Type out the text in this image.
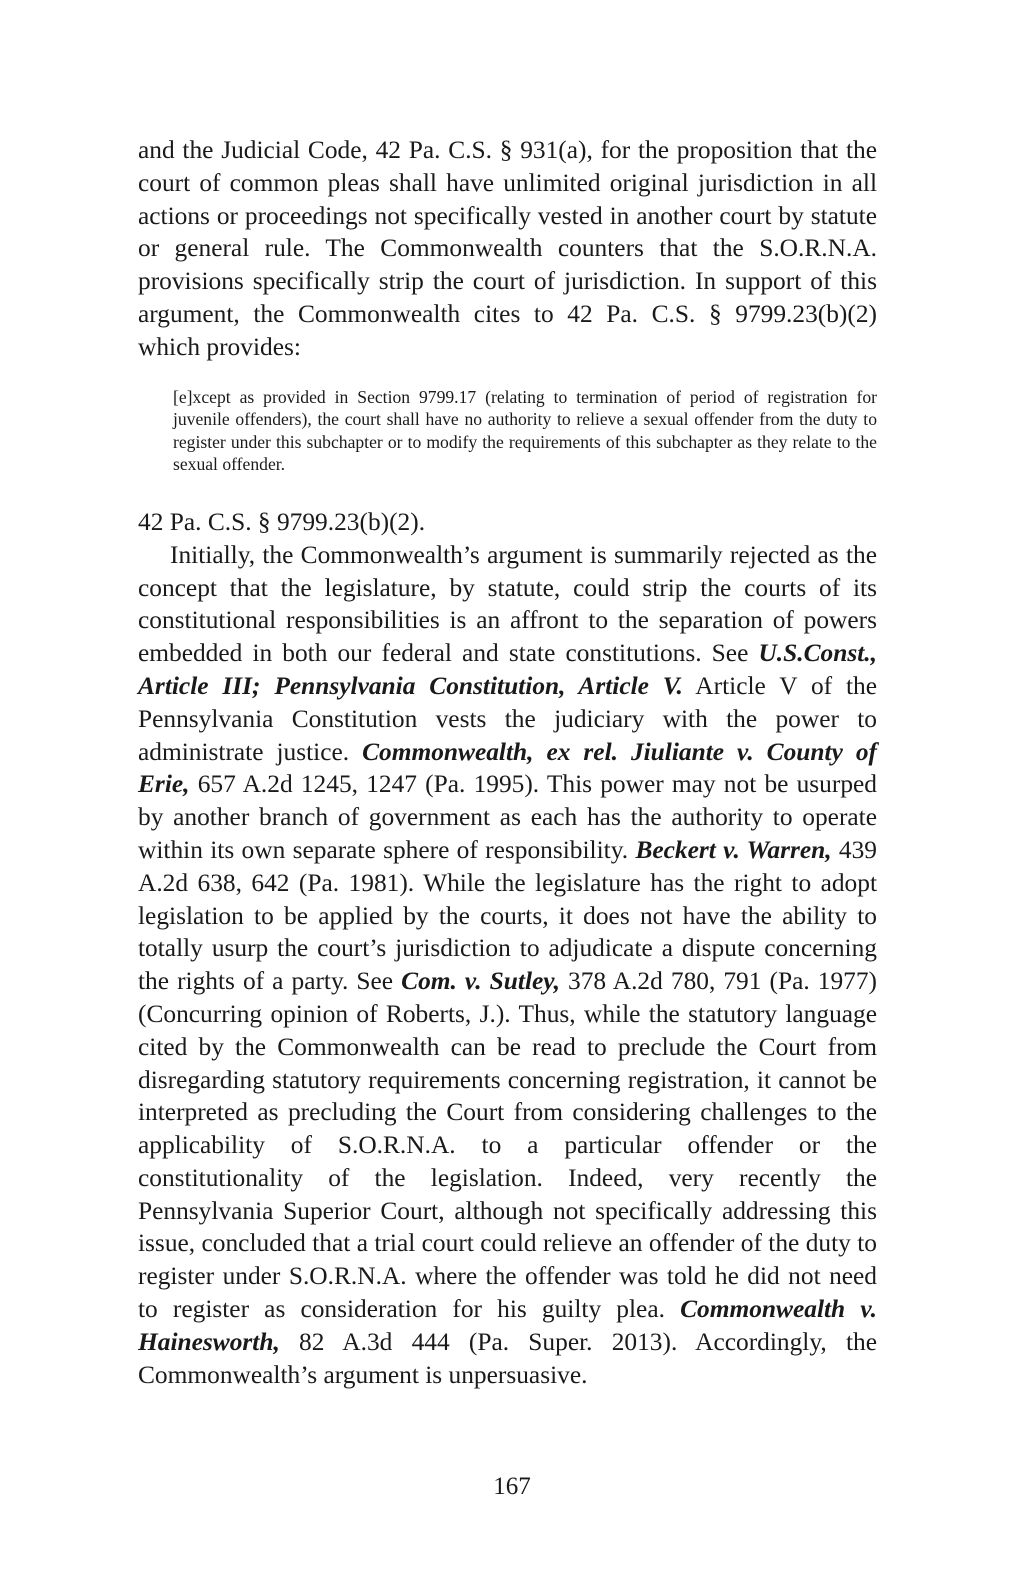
and the Judicial Code, 42 Pa. C.S. § 931(a), for the proposition that the court of common pleas shall have unlimited original jurisdiction in all actions or proceedings not specifically vested in another court by statute or general rule. The Commonwealth counters that the S.O.R.N.A. provisions specifically strip the court of jurisdiction. In support of this argument, the Commonwealth cites to 42 Pa. C.S. § 9799.23(b)(2) which provides:

[e]xcept as provided in Section 9799.17 (relating to termination of period of registration for juvenile offenders), the court shall have no authority to relieve a sexual offender from the duty to register under this subchapter or to modify the requirements of this subchapter as they relate to the sexual offender.

42 Pa. C.S. § 9799.23(b)(2).

Initially, the Commonwealth’s argument is summarily rejected as the concept that the legislature, by statute, could strip the courts of its constitutional responsibilities is an affront to the separation of powers embedded in both our federal and state constitutions. See U.S.Const., Article III; Pennsylvania Constitution, Article V. Article V of the Pennsylvania Constitution vests the judiciary with the power to administrate justice. Commonwealth, ex rel. Jiuliante v. County of Erie, 657 A.2d 1245, 1247 (Pa. 1995). This power may not be usurped by another branch of government as each has the authority to operate within its own separate sphere of responsibility. Beckert v. Warren, 439 A.2d 638, 642 (Pa. 1981). While the legislature has the right to adopt legislation to be applied by the courts, it does not have the ability to totally usurp the court’s jurisdiction to adjudicate a dispute concerning the rights of a party. See Com. v. Sutley, 378 A.2d 780, 791 (Pa. 1977) (Concurring opinion of Roberts, J.). Thus, while the statutory language cited by the Commonwealth can be read to preclude the Court from disregarding statutory requirements concerning registration, it cannot be interpreted as precluding the Court from considering challenges to the applicability of S.O.R.N.A. to a particular offender or the constitutionality of the legislation. Indeed, very recently the Pennsylvania Superior Court, although not specifically addressing this issue, concluded that a trial court could relieve an offender of the duty to register under S.O.R.N.A. where the offender was told he did not need to register as consideration for his guilty plea. Commonwealth v. Hainesworth, 82 A.3d 444 (Pa. Super. 2013). Accordingly, the Commonwealth’s argument is unpersuasive.

167
